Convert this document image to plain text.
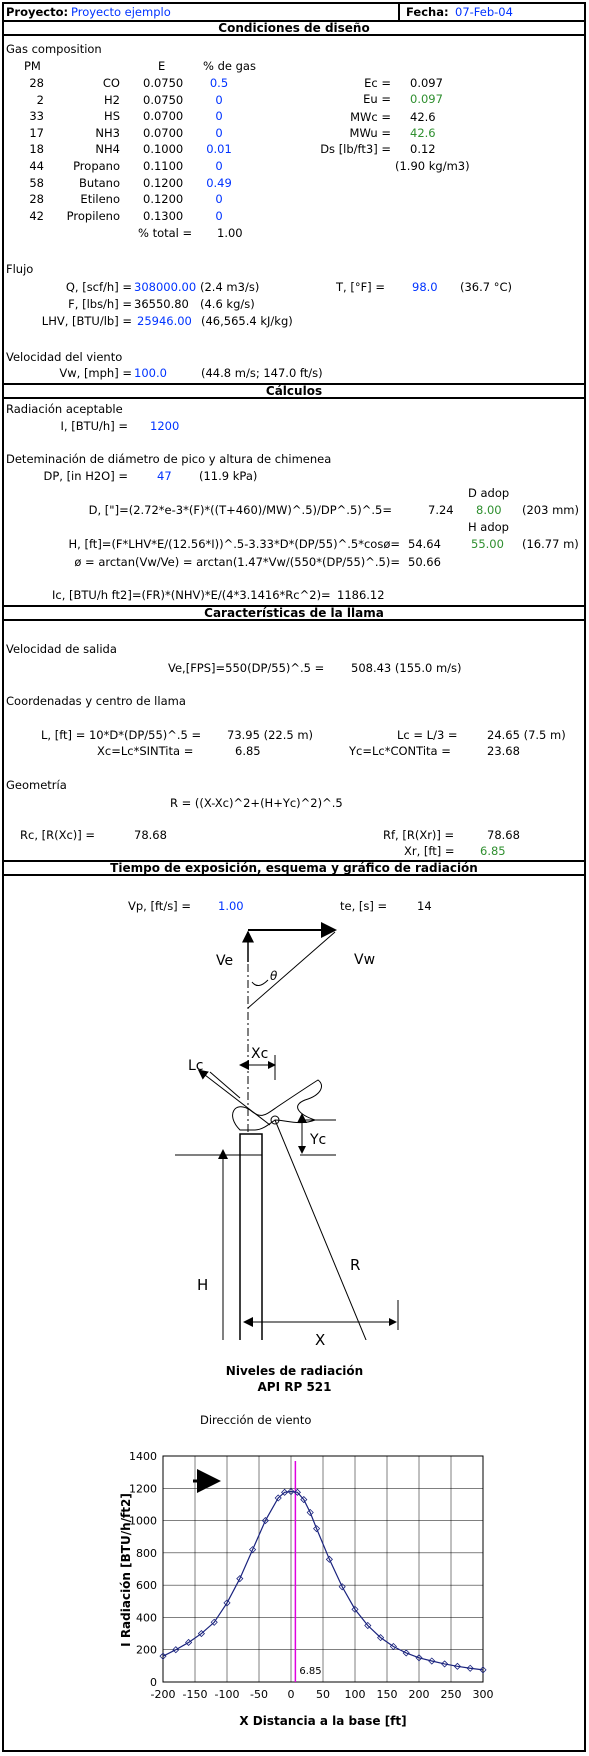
Proyecto: Proyecto ejemplo	Fecha: 07-Feb-04
Condiciones de diseño
Gas composition
PM	E	% de gas
28	CO 0.0750	0.5
2	H2 0.0750	0
33	HS 0.0700	0
17	NH3 0.0700	0
18	NH4 0.1000	0.01
44	Propano 0.1100	0
58	Butano 0.1200	0.49
28	Etileno 0.1200	0
42	Propileno 0.1300	0
% total = 1.00
Ec = 0.097
Eu = 0.097
MWc = 42.6
MWu = 42.6
Ds [lb/ft3] = 0.12
(1.90 kg/m3)
Flujo
Q, [scf/h] = 308000.00 (2.4 m3/s)	T, [°F] = 98.0 (36.7 °C)
F, [lbs/h] = 36550.80 (4.6 kg/s)
LHV, [BTU/lb] = 25946.00 (46,565.4 kJ/kg)
Velocidad del viento
Vw, [mph] = 100.0	(44.8 m/s; 147.0 ft/s)
Cálculos
Radiación aceptable
I, [BTU/h] = 1200
Deteminación de diámetro de pico y altura de chimenea
DP, [in H2O] =	47 (11.9 kPa)
D adop
D, ["]=(2.72*e-3*(F)*((T+460)/MW)^.5)/DP^.5)^.5=	7.24 8.00 (203 mm)
H adop
H, [ft]=(F*LHV*E/(12.56*I))^.5-3.33*D*(DP/55)^.5*cosø= 54.64	55.00 (16.77 m)
ø = arctan(Vw/Ve) = arctan(1.47*Vw/(550*(DP/55)^.5)= 50.66
Ic, [BTU/h ft2]=(FR)*(NHV)*E/(4*3.1416*Rc^2)= 1186.12
Características de la llama
Velocidad de salida
Ve,[FPS]=550(DP/55)^.5 = 508.43 (155.0 m/s)
Coordenadas y centro de llama
L, [ft] = 10*D*(DP/55)^.5 = 73.95 (22.5 m)	Lc = L/3 =	24.65 (7.5 m)
Xc=Lc*SINTita =	6.85	Yc=Lc*CONTita =	23.68
Geometría
R = ((X-Xc)^2+(H+Yc)^2)^.5
Rc, [R(Xc)] =	78.68	Rf, [R(Xr)] =	78.68
Xr, [ft] = 6.85
Tiempo de exposición, esquema y gráfico de radiación
Vp, [ft/s] = 1.00	te, [s] =	14
θ
Ve	Vw
Xc
Lc
Yc
H
R
X
Niveles de radiación
API RP 521
Dirección de viento
0
200
400
600
800
1000
1200
1400
-200 -150 -100 -50 0 50 100 150 200 250 300
6.85
I Radiación [BTU/h/ft2]
X Distancia a la base [ft]
